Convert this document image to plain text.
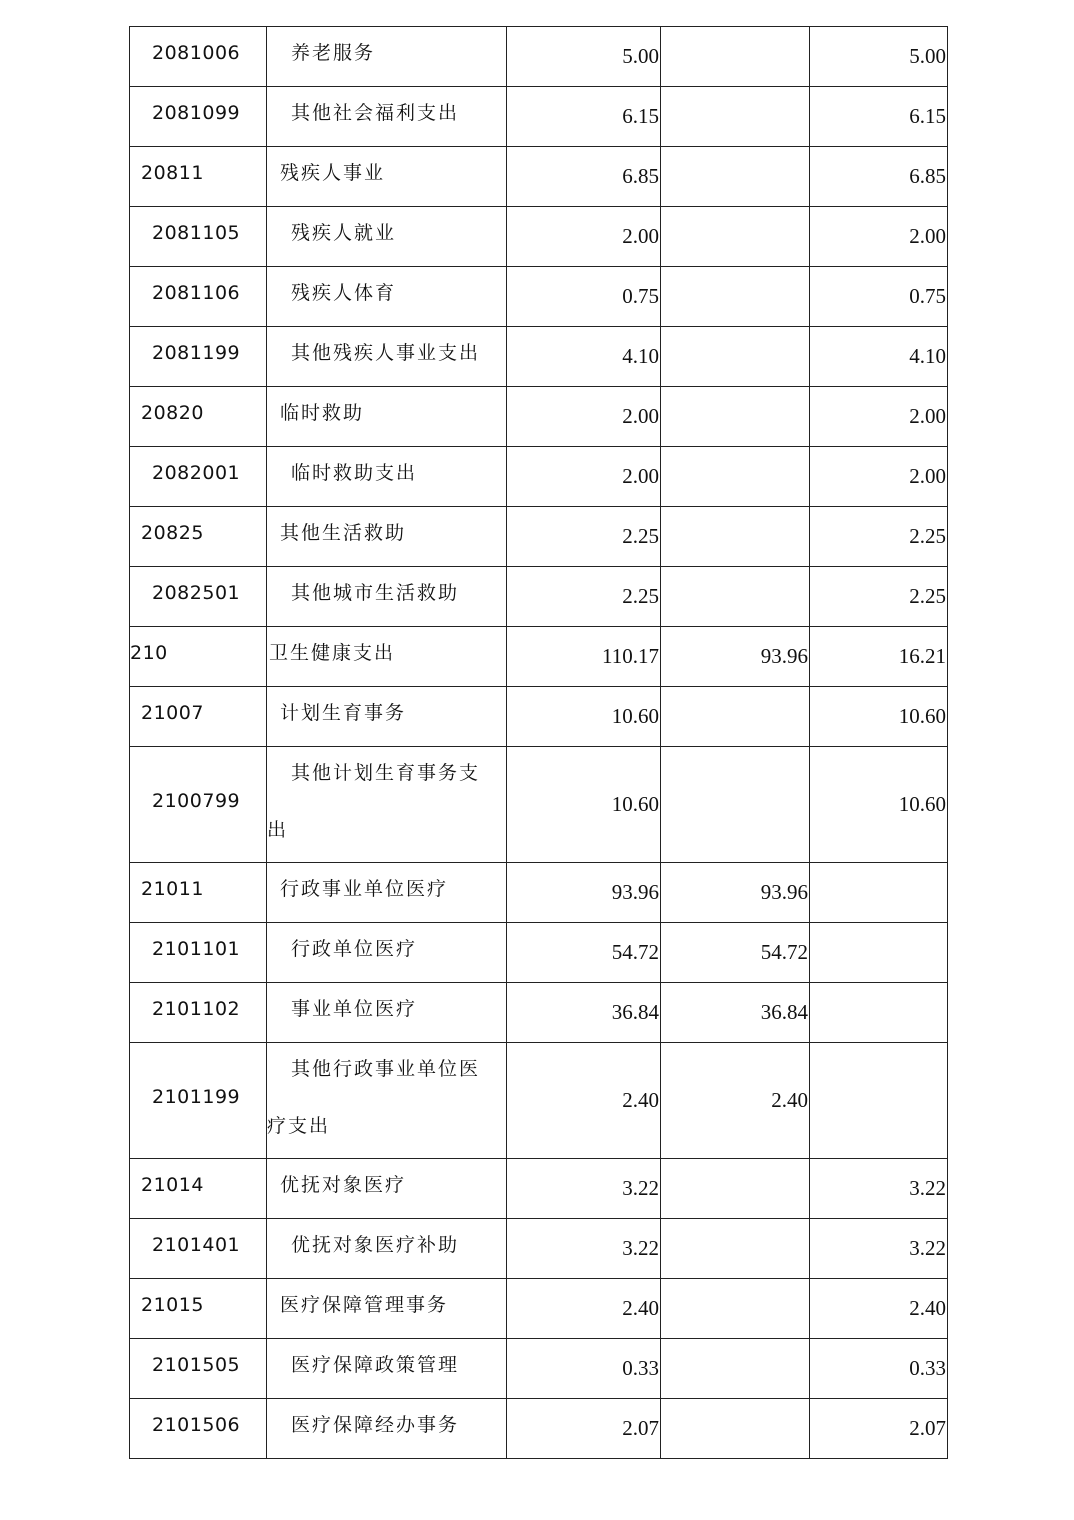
2081006	养老服务	5.00		5.00
2081099	其他社会福利支出	6.15		6.15
20811	残疾人事业	6.85		6.85
2081105	残疾人就业	2.00		2.00
2081106	残疾人体育	0.75		0.75
2081199	其他残疾人事业支出	4.10		4.10
20820	临时救助	2.00		2.00
2082001	临时救助支出	2.00		2.00
20825	其他生活救助	2.25		2.25
2082501	其他城市生活救助	2.25		2.25
210	卫生健康支出	110.17	93.96	16.21
21007	计划生育事务	10.60		10.60
2100799	其他计划生育事务支出	10.60		10.60
21011	行政事业单位医疗	93.96	93.96	
2101101	行政单位医疗	54.72	54.72	
2101102	事业单位医疗	36.84	36.84	
2101199	其他行政事业单位医疗支出	2.40	2.40	
21014	优抚对象医疗	3.22		3.22
2101401	优抚对象医疗补助	3.22		3.22
21015	医疗保障管理事务	2.40		2.40
2101505	医疗保障政策管理	0.33		0.33
2101506	医疗保障经办事务	2.07		2.07
